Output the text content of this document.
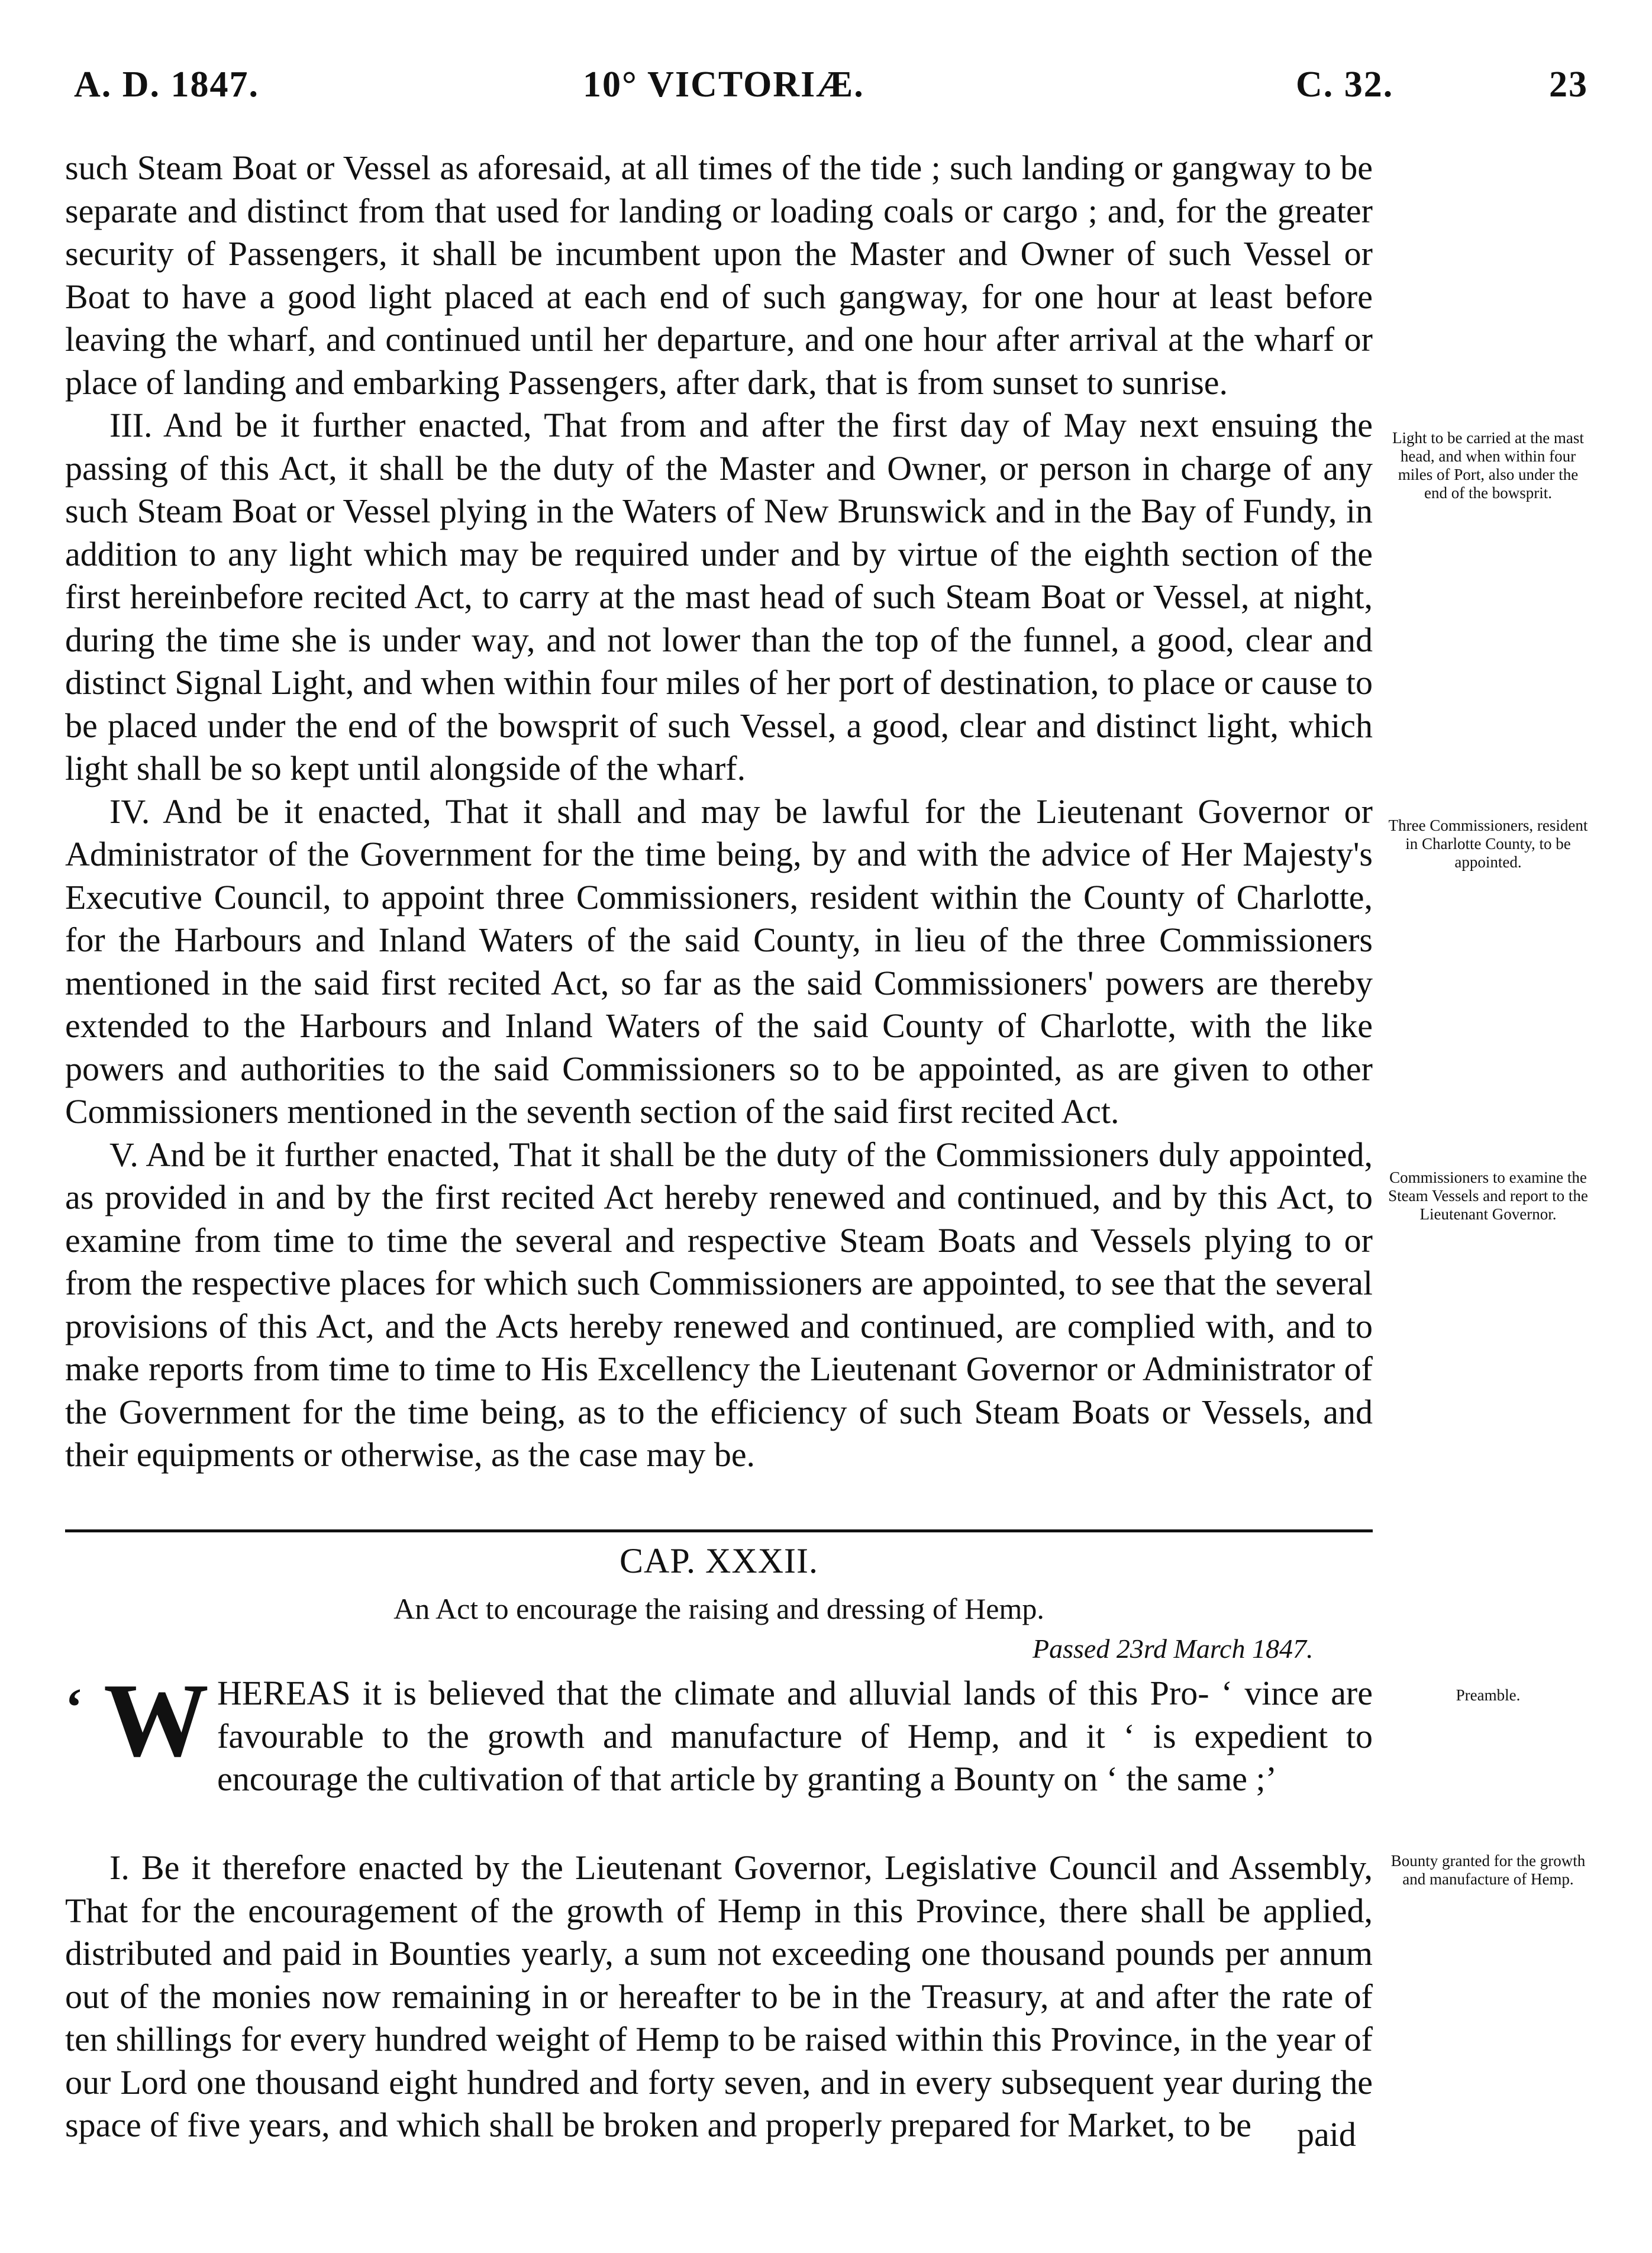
A. D. 1847.	10° VICTORIÆ.	C. 32.	23

such Steam Boat or Vessel as aforesaid, at all times of the tide ; such landing or gangway to be separate and distinct from that used for landing or loading coals or cargo ; and, for the greater security of Passengers, it shall be incumbent upon the Master and Owner of such Vessel or Boat to have a good light placed at each end of such gangway, for one hour at least before leaving the wharf, and continued until her departure, and one hour after arrival at the wharf or place of landing and embarking Passengers, after dark, that is from sunset to sunrise.

III. And be it further enacted, That from and after the first day of May next ensuing the passing of this Act, it shall be the duty of the Master and Owner, or person in charge of any such Steam Boat or Vessel plying in the Waters of New Brunswick and in the Bay of Fundy, in addition to any light which may be required under and by virtue of the eighth section of the first hereinbefore recited Act, to carry at the mast head of such Steam Boat or Vessel, at night, during the time she is under way, and not lower than the top of the funnel, a good, clear and distinct Signal Light, and when within four miles of her port of destination, to place or cause to be placed under the end of the bowsprit of such Vessel, a good, clear and distinct light, which light shall be so kept until alongside of the wharf.

IV. And be it enacted, That it shall and may be lawful for the Lieutenant Governor or Administrator of the Government for the time being, by and with the advice of Her Majesty's Executive Council, to appoint three Commissioners, resident within the County of Charlotte, for the Harbours and Inland Waters of the said County, in lieu of the three Commissioners mentioned in the said first recited Act, so far as the said Commissioners' powers are thereby extended to the Harbours and Inland Waters of the said County of Charlotte, with the like powers and authorities to the said Commissioners so to be appointed, as are given to other Commissioners mentioned in the seventh section of the said first recited Act.

V. And be it further enacted, That it shall be the duty of the Commissioners duly appointed, as provided in and by the first recited Act hereby renewed and continued, and by this Act, to examine from time to time the several and respective Steam Boats and Vessels plying to or from the respective places for which such Commissioners are appointed, to see that the several provisions of this Act, and the Acts hereby renewed and continued, are complied with, and to make reports from time to time to His Excellency the Lieutenant Governor or Administrator of the Government for the time being, as to the efficiency of such Steam Boats or Vessels, and their equipments or otherwise, as the case may be.

Light to be carried at the mast head, and when within four miles of Port, also under the end of the bowsprit.
Three Commissioners, resident in Charlotte County, to be appointed.
Commissioners to examine the Steam Vessels and report to the Lieutenant Governor.
CAP. XXXII.
An Act to encourage the raising and dressing of Hemp.
Passed 23rd March 1847.
‘ WHEREAS it is believed that the climate and alluvial lands of this Pro- ‘ vince are favourable to the growth and manufacture of Hemp, and it ‘ is expedient to encourage the cultivation of that article by granting a Bounty on ‘ the same ;’
Preamble.

I. Be it therefore enacted by the Lieutenant Governor, Legislative Council and Assembly, That for the encouragement of the growth of Hemp in this Province, there shall be applied, distributed and paid in Bounties yearly, a sum not exceeding one thousand pounds per annum out of the monies now remaining in or hereafter to be in the Treasury, at and after the rate of ten shillings for every hundred weight of Hemp to be raised within this Province, in the year of our Lord one thousand eight hundred and forty seven, and in every subsequent year during the space of five years, and which shall be broken and properly prepared for Market, to be

Bounty granted for the growth and manufacture of Hemp.
paid
